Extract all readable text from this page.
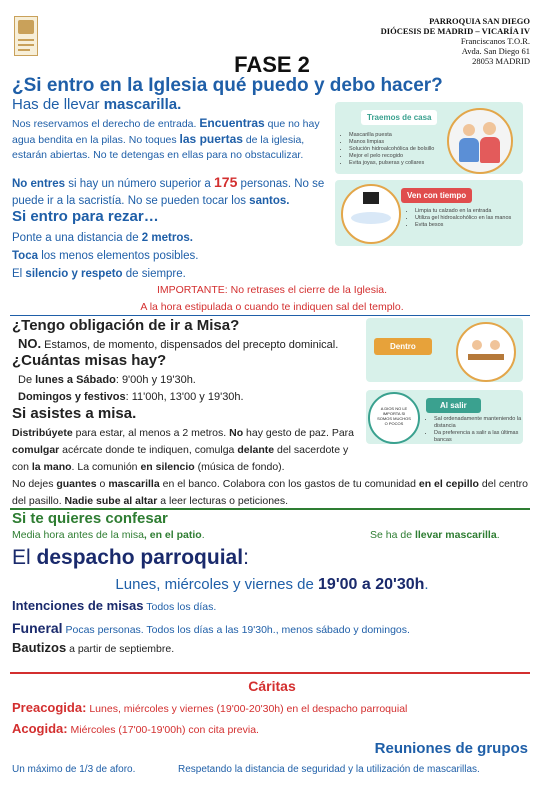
PARROQUIA SAN DIEGO
DIÓCESIS DE MADRID – VICARÍA IV
Franciscanos T.O.R.
Avda. San Diego 61
28053 MADRID
FASE 2
¿Si entro en la Iglesia qué puedo y debo hacer?
Has de llevar mascarilla.
Nos reservamos el derecho de entrada. Encuentras que no hay agua bendita en la pilas. No toques las puertas de la iglesia, estarán abiertas. No te detengas en ellas para no obstaculizar.
No entres si hay un número superior a 175 personas. No se puede ir a la sacristía. No se pueden tocar los santos.
Si entro para rezar…
Ponte a una distancia de 2 metros.
Toca los menos elementos posibles.
El silencio y respeto de siempre.
Traemos de casa
• Mascarilla puesta
• Manos limpias
• Solución hidroalcohólica de bolsillo
• Mejor el pelo recogido
• Evita joyas, pulseras y collares
Ven con tiempo
• Limpia tu calzado en la entrada
• Utiliza gel hidroalcohólico en las manos
• Evita besos
IMPORTANTE: No retrases el cierre de la Iglesia.
A la hora estipulada o cuando te indiquen sal del templo.
¿Tengo obligación de ir a Misa?
NO. Estamos, de momento, dispensados del precepto dominical.
¿Cuántas misas hay?
De lunes a Sábado: 9'00h y 19'30h.
Domingos y festivos: 11'00h, 13'00 y 19'30h.
Si asistes a misa.
Distribúyete para estar, al menos a 2 metros. No hay gesto de paz. Para comulgar acércate donde te indiquen, comulga delante del sacerdote y con la mano. La comunión en silencio (música de fondo).
No dejes guantes o mascarilla en el banco. Colabora con los gastos de tu comunidad en el cepillo del centro del pasillo. Nadie sube al altar a leer lecturas o peticiones.
Dentro
A DIOS NO LE IMPORTA SI SOMOS MUCHOS O POCOS
Al salir
• Sal ordenadamente manteniendo la distancia
• Da preferencia a salir a las últimas bancas
Si te quieres confesar
Media hora antes de la misa, en el patio.	Se ha de llevar mascarilla.
El despacho parroquial:
Lunes, miércoles y viernes de 19'00 a 20'30h.
Intenciones de misas Todos los días.
Funeral Pocas personas. Todos los días a las 19'30h., menos sábado y domingos.
Bautizos a partir de septiembre.
Cáritas
Preacogida: Lunes, miércoles y viernes (19'00-20'30h) en el despacho parroquial
Acogida: Miércoles (17'00-19'00h) con cita previa.
Reuniones de grupos
Un máximo de 1/3 de aforo.	Respetando la distancia de seguridad y la utilización de mascarillas.
